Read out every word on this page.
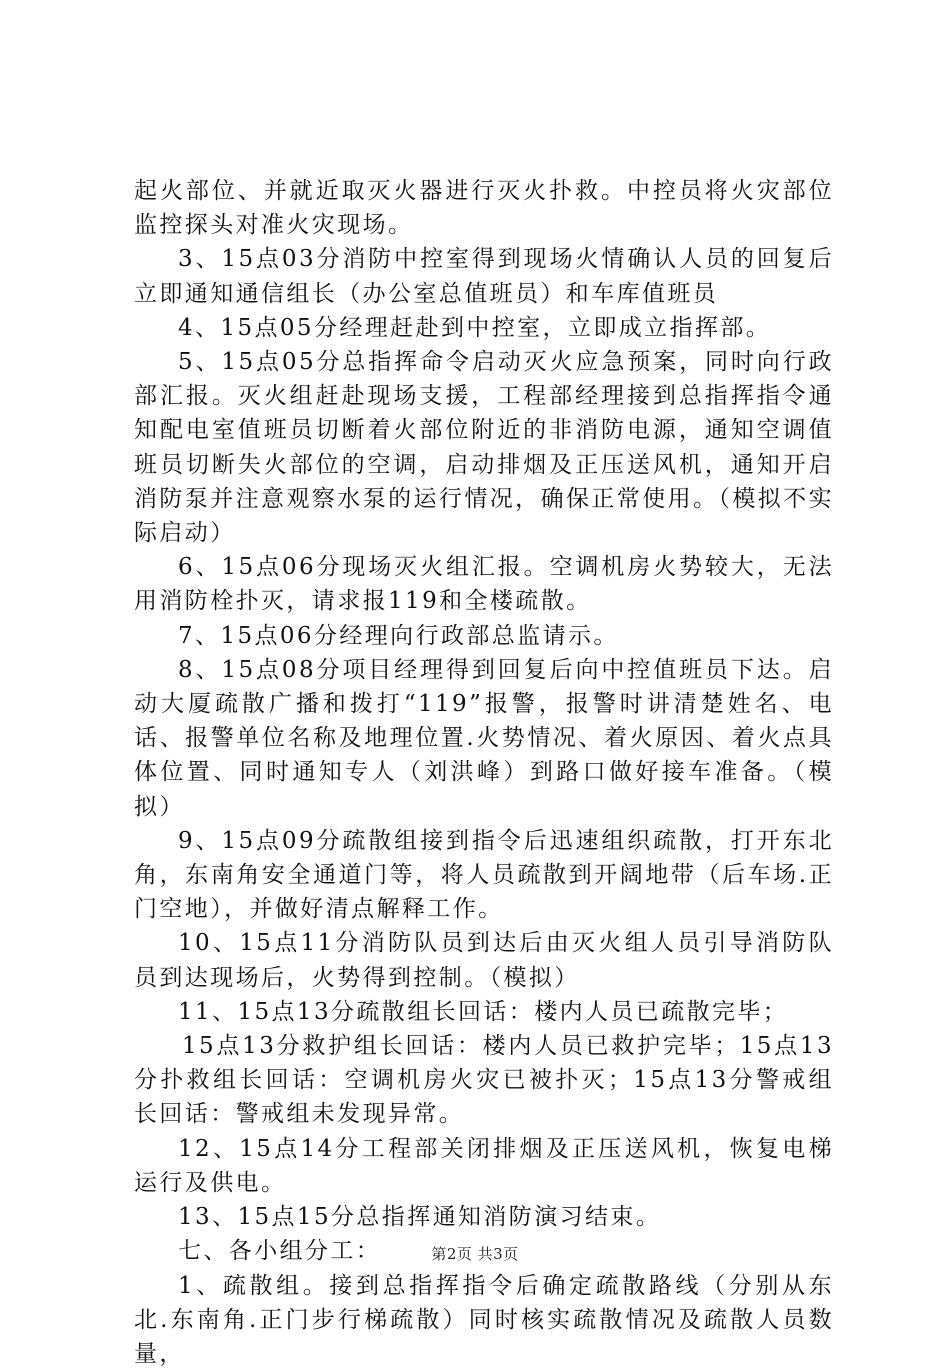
起火部位、并就近取灭火器进行灭火扑救。中控员将火灾部位监控探头对准火灾现场。

3、15点03分消防中控室得到现场火情确认人员的回复后立即通知通信组长（办公室总值班员）和车库值班员

4、15点05分经理赶赴到中控室，立即成立指挥部。

5、15点05分总指挥命令启动灭火应急预案，同时向行政部汇报。灭火组赶赴现场支援，工程部经理接到总指挥指令通知配电室值班员切断着火部位附近的非消防电源，通知空调值班员切断失火部位的空调，启动排烟及正压送风机，通知开启消防泵并注意观察水泵的运行情况，确保正常使用。（模拟不实际启动）

6、15点06分现场灭火组汇报。空调机房火势较大，无法用消防栓扑灭，请求报119和全楼疏散。

7、15点06分经理向行政部总监请示。

8、15点08分项目经理得到回复后向中控值班员下达。启动大厦疏散广播和拨打“119”报警，报警时讲清楚姓名、电话、报警单位名称及地理位置.火势情况、着火原因、着火点具体位置、同时通知专人（刘洪峰）到路口做好接车准备。（模拟）

9、15点09分疏散组接到指令后迅速组织疏散，打开东北角，东南角安全通道门等，将人员疏散到开阔地带（后车场.正门空地），并做好清点解释工作。

10、15点11分消防队员到达后由灭火组人员引导消防队员到达现场后，火势得到控制。（模拟）

11、15点13分疏散组长回话：楼内人员已疏散完毕；

15点13分救护组长回话：楼内人员已救护完毕；15点13分扑救组长回话：空调机房火灾已被扑灭；15点13分警戒组长回话：警戒组未发现异常。

12、15点14分工程部关闭排烟及正压送风机，恢复电梯运行及供电。

13、15点15分总指挥通知消防演习结束。

七、各小组分工：

1、疏散组。接到总指挥指令后确定疏散路线（分别从东北.东南角.正门步行梯疏散）同时核实疏散情况及疏散人员数量，

第2页 共3页
